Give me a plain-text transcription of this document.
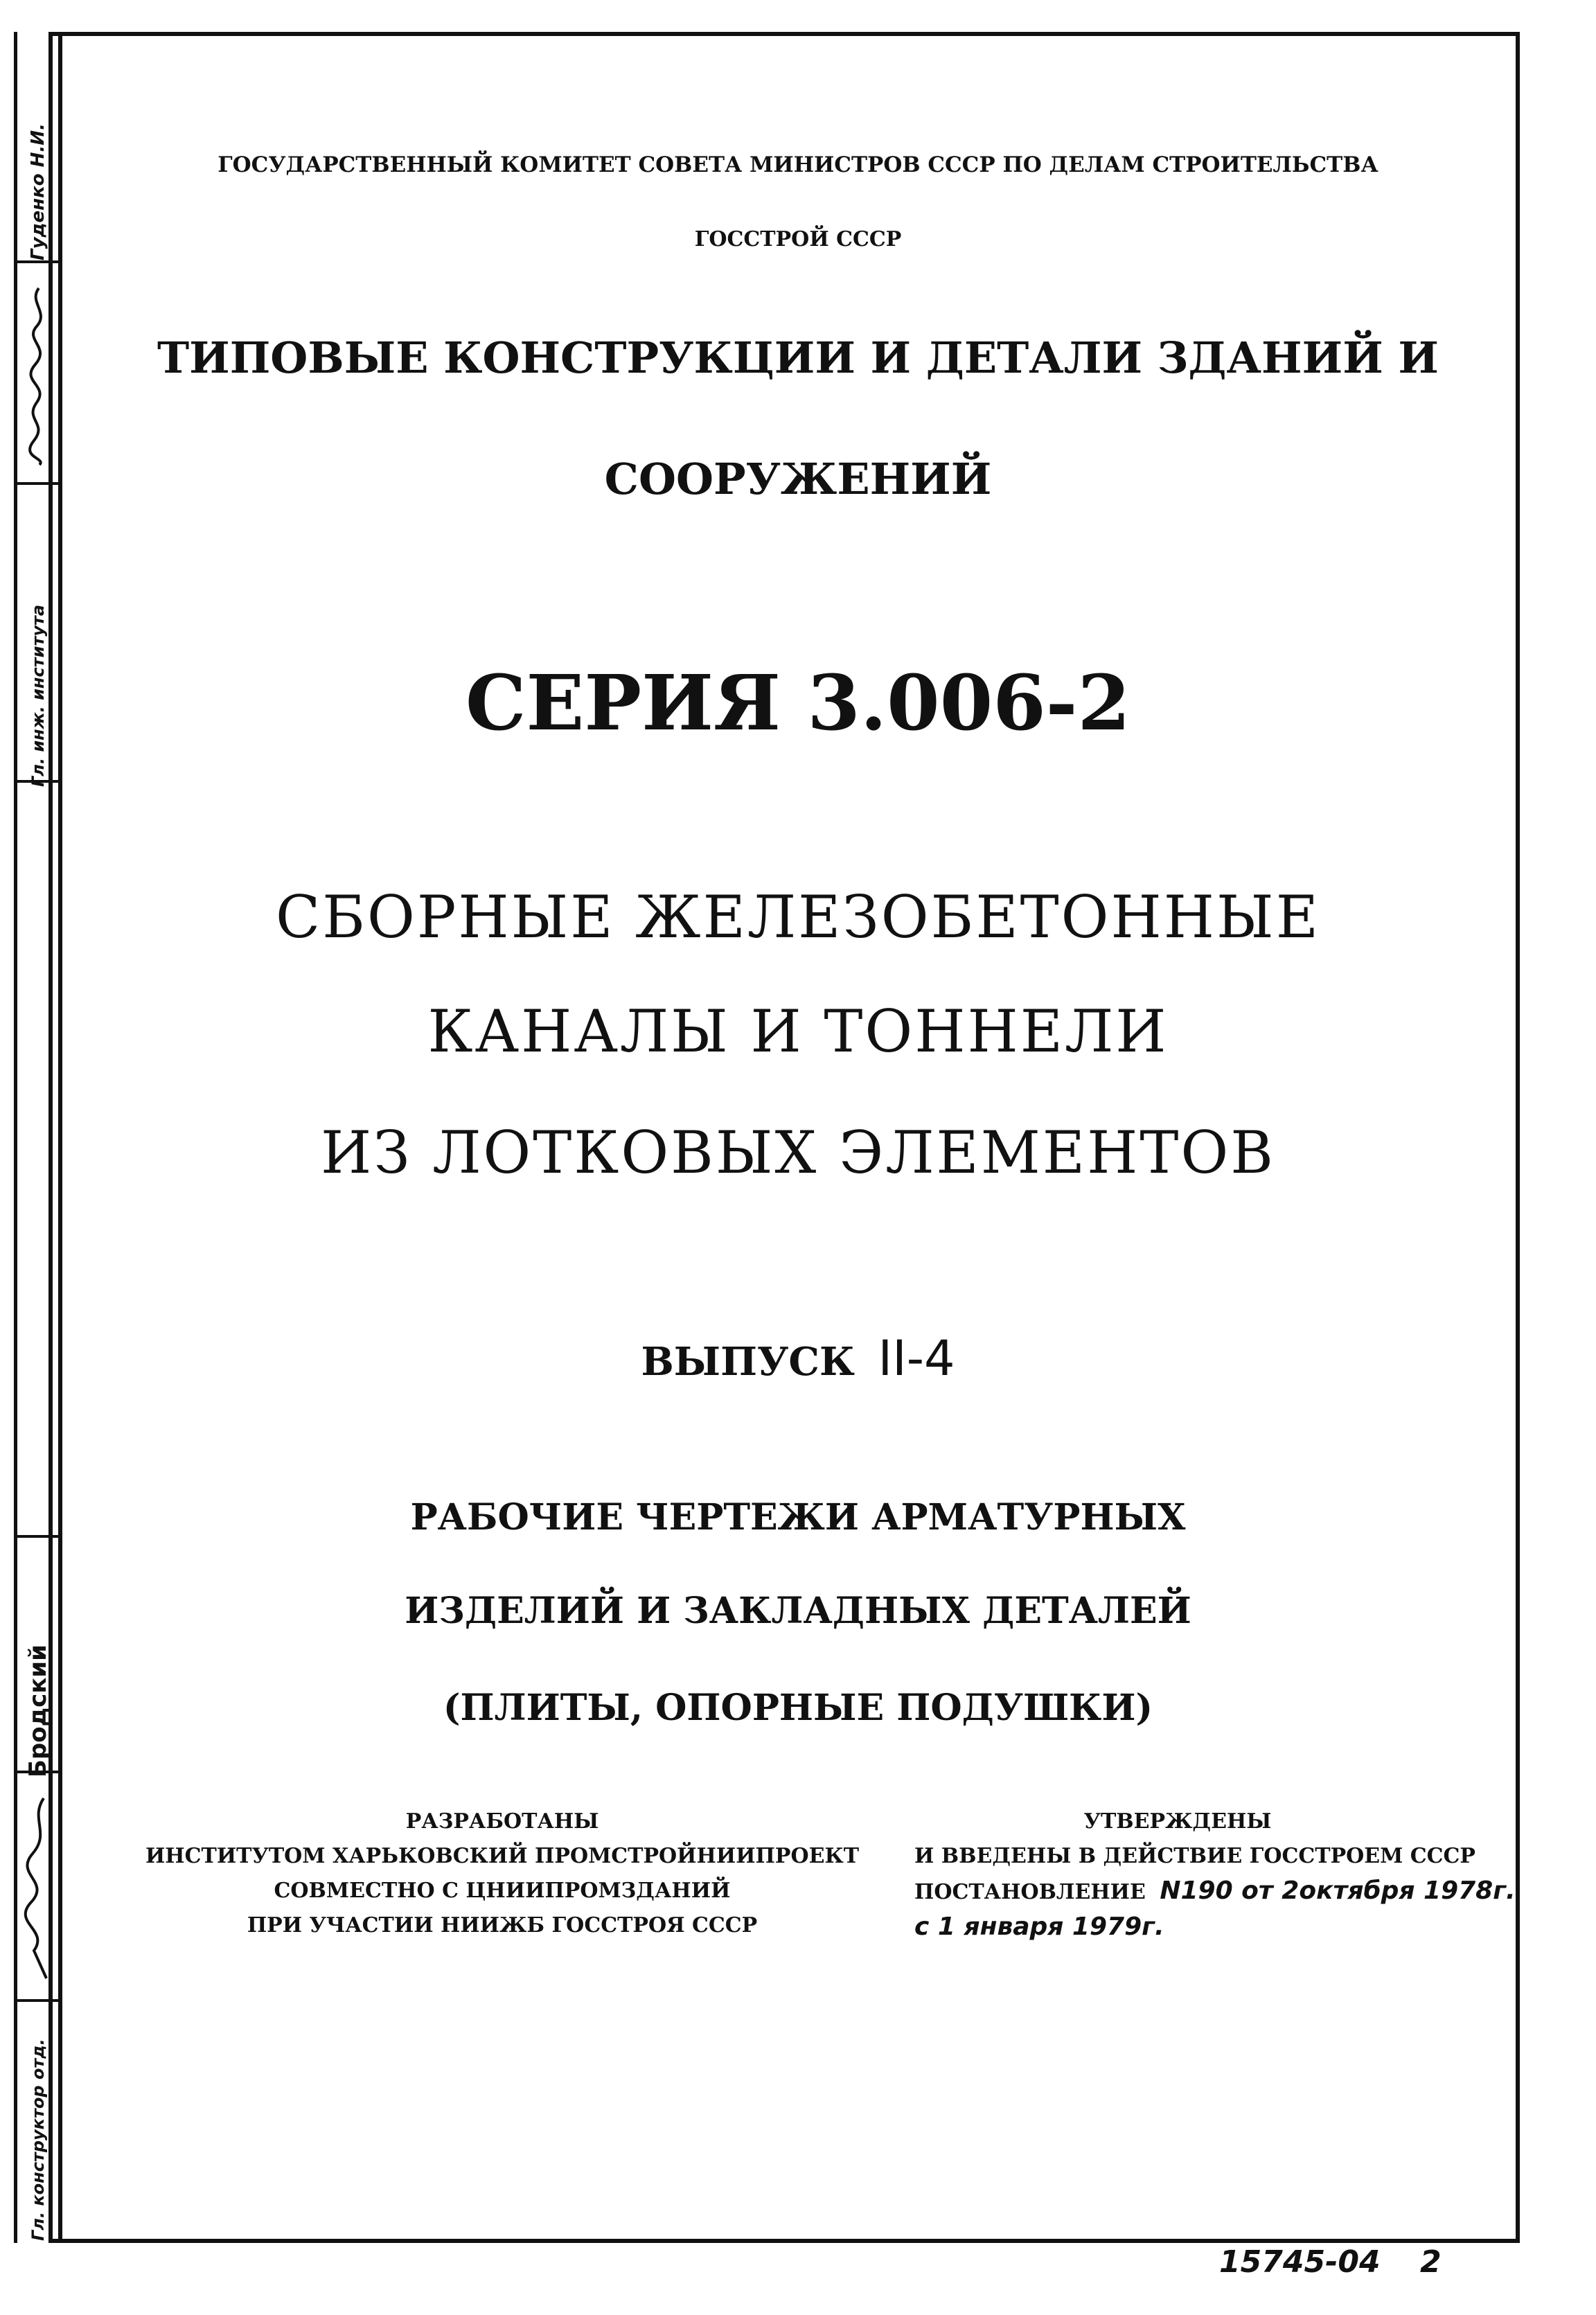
Гуденко Н.И.
Гл. инж. института
Бродский
Гл. конструктор отд.
ГОСУДАРСТВЕННЫЙ КОМИТЕТ СОВЕТА МИНИСТРОВ СССР ПО ДЕЛАМ СТРОИТЕЛЬСТВА
ГОССТРОЙ СССР
ТИПОВЫЕ КОНСТРУКЦИИ И ДЕТАЛИ ЗДАНИЙ И
СООРУЖЕНИЙ
СЕРИЯ 3.006-2
СБОРНЫЕ ЖЕЛЕЗОБЕТОННЫЕ
КАНАЛЫ И ТОННЕЛИ
ИЗ ЛОТКОВЫХ ЭЛЕМЕНТОВ
ВЫПУСК II-4
РАБОЧИЕ ЧЕРТЕЖИ АРМАТУРНЫХ
ИЗДЕЛИЙ И ЗАКЛАДНЫХ ДЕТАЛЕЙ
(ПЛИТЫ, ОПОРНЫЕ ПОДУШКИ)
РАЗРАБОТАНЫ
ИНСТИТУТОМ ХАРЬКОВСКИЙ ПРОМСТРОЙНИИПРОЕКТ
СОВМЕСТНО С ЦНИИПРОМЗДАНИЙ
ПРИ УЧАСТИИ НИИЖБ ГОССТРОЯ СССР
УТВЕРЖДЕНЫ
И ВВЕДЕНЫ В ДЕЙСТВИЕ ГОССТРОЕМ СССР
ПОСТАНОВЛЕНИЕ N190 от 2октября 1978г.
с 1 января 1979г.
15745-04 2
